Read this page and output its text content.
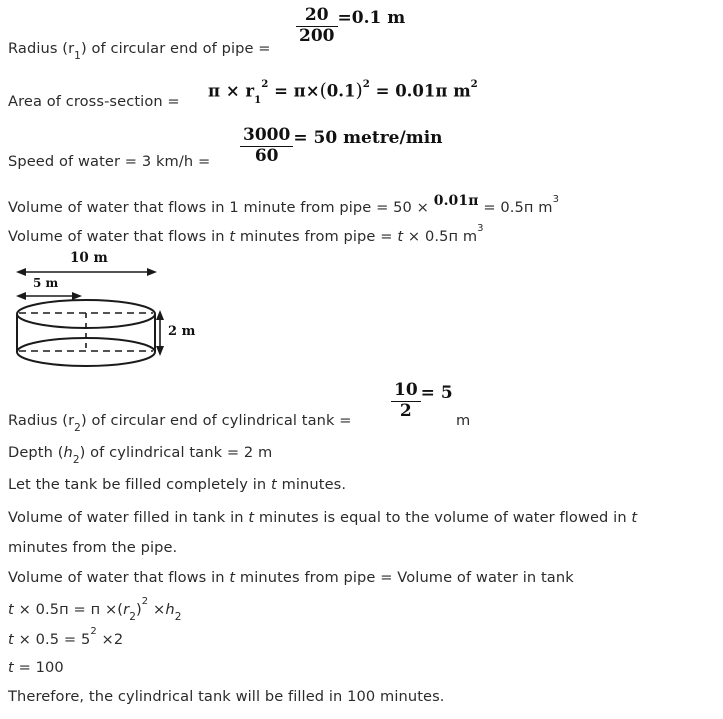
Radius $(r_1)$ of circular end of pipe =
$\frac{20}{200} =0.1$ m
Area of cross-section =
$\pi \times r_1^2 = \pi\times(0.1)^2 = 0.01\pi$ $m^2$
Speed of water = 3 $km/h = \frac{3000}{60} = 50$ metre/min
Volume of water that flows in 1 minute from pipe = 50 × 0.01π = 0.5п $m^3$
Volume of water that flows in t minutes from pipe = t × 0.5п $m^3$
10 m
5 m
2 m
Radius $(r_2)$ of circular end of cylindrical $\tan k = \frac{10}{2} = 5$
m
Depth $(h_2)$ of cylindrical tank = 2 m
Let the tank be filled completely in t minutes.
Volume of water filled in tank in t minutes is equal to the volume of water flowed in t
minutes from the pipe.
Volume of water that flows in t minutes from pipe = Volume of water in tank
$t \times 0.5п = п \times(r_2)^2 \times h_2$
$t \times 0.5 = 5^2 \times 2$
t = 100
Therefore, the cylindrical tank will be filled in 100 minutes.
